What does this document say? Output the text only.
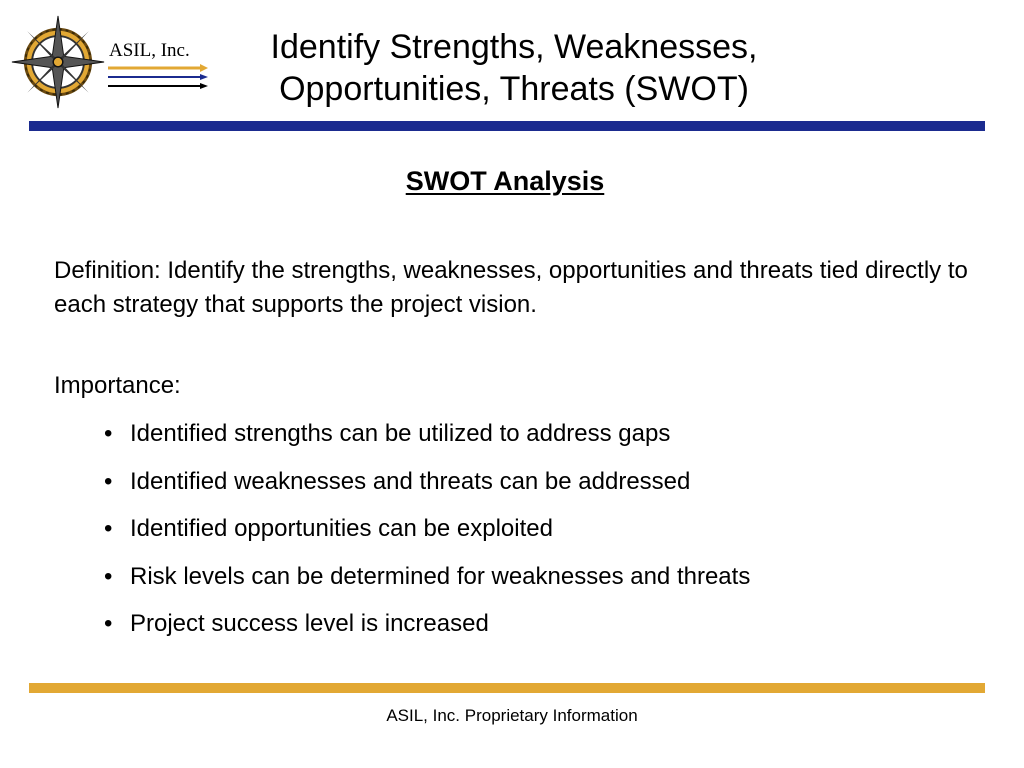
ASIL, Inc.	Identify Strengths, Weaknesses,
Opportunities, Threats (SWOT)
SWOT Analysis

Definition: Identify the strengths, weaknesses, opportunities and threats tied directly to each strategy that supports the project vision.

Importance:
• Identified strengths can be utilized to address gaps
• Identified weaknesses and threats can be addressed
• Identified opportunities can be exploited
• Risk levels can be determined for weaknesses and threats
• Project success level is increased
ASIL, Inc. Proprietary Information
